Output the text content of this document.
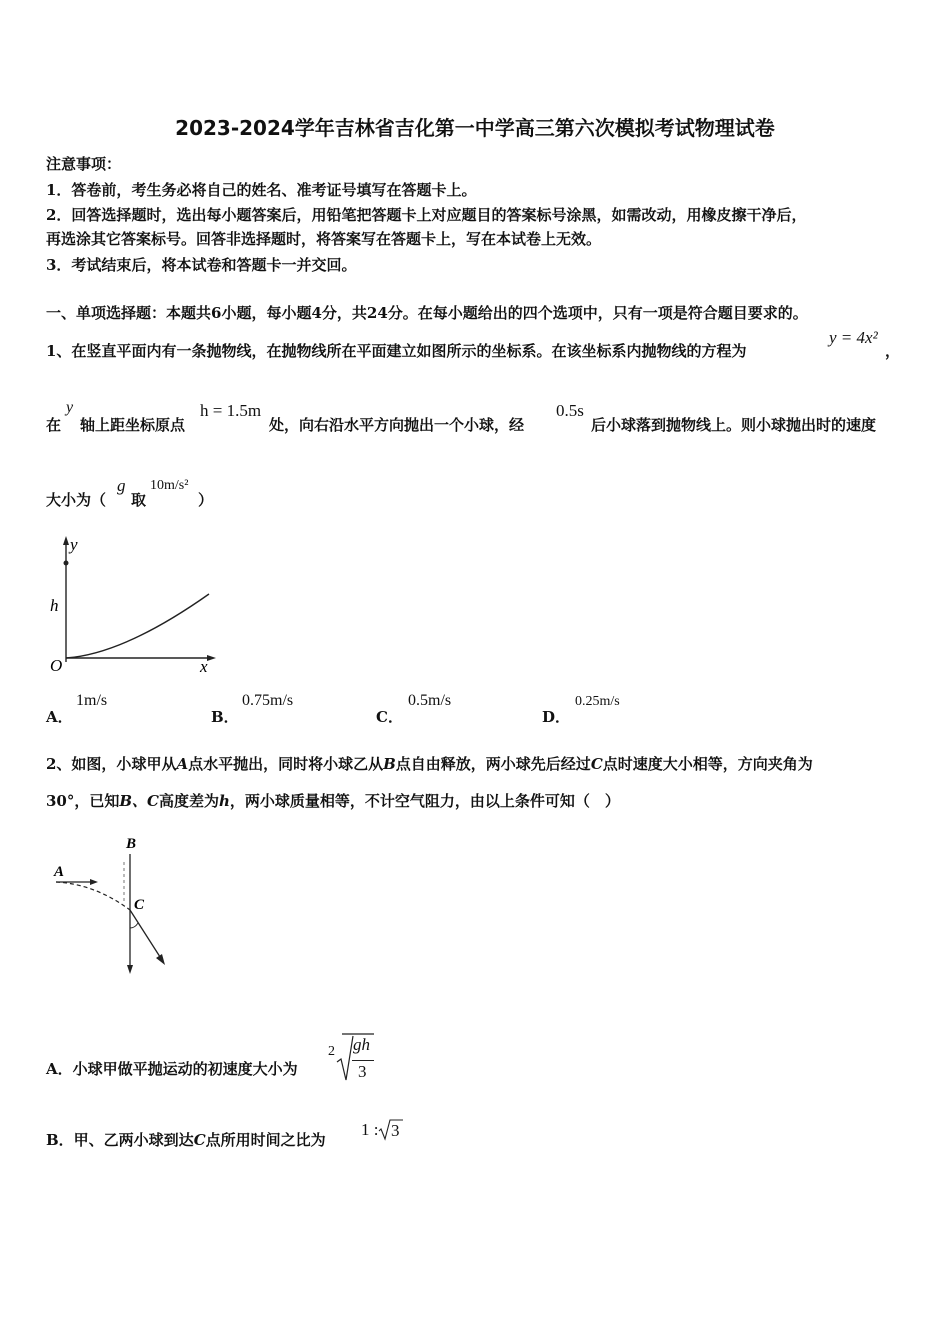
2023-2024学年吉林省吉化第一中学高三第六次模拟考试物理试卷
注意事项：
1．答卷前，考生务必将自己的姓名、准考证号填写在答题卡上。
2．回答选择题时，选出每小题答案后，用铅笔把答题卡上对应题目的答案标号涂黑，如需改动，用橡皮擦干净后，
再选涂其它答案标号。回答非选择题时，将答案写在答题卡上，写在本试卷上无效。
3．考试结束后，将本试卷和答题卡一并交回。
一、单项选择题：本题共6小题，每小题4分，共24分。在每小题给出的四个选项中，只有一项是符合题目要求的。
1、在竖直平面内有一条抛物线，在抛物线所在平面建立如图所示的坐标系。在该坐标系内抛物线的方程为
y = 4x²
，
在
y
轴上距坐标原点
h = 1.5m
处，向右沿水平方向抛出一个小球，经
0.5s
后小球落到抛物线上。则小球抛出时的速度
大小为（
g
取
10m/s²
）
y
h
O	x
A．
1m/s
B．
0.75m/s
C．
0.5m/s
D．
0.25m/s
2、如图，小球甲从A点水平抛出，同时将小球乙从B点自由释放，两小球先后经过C点时速度大小相等，方向夹角为
30°，已知B、C高度差为h，两小球质量相等，不计空气阻力，由以上条件可知（　）
B
A
C
A．小球甲做平抛运动的初速度大小为
2 gh
3
B．甲、乙两小球到达C点所用时间之比为
1 : 3
